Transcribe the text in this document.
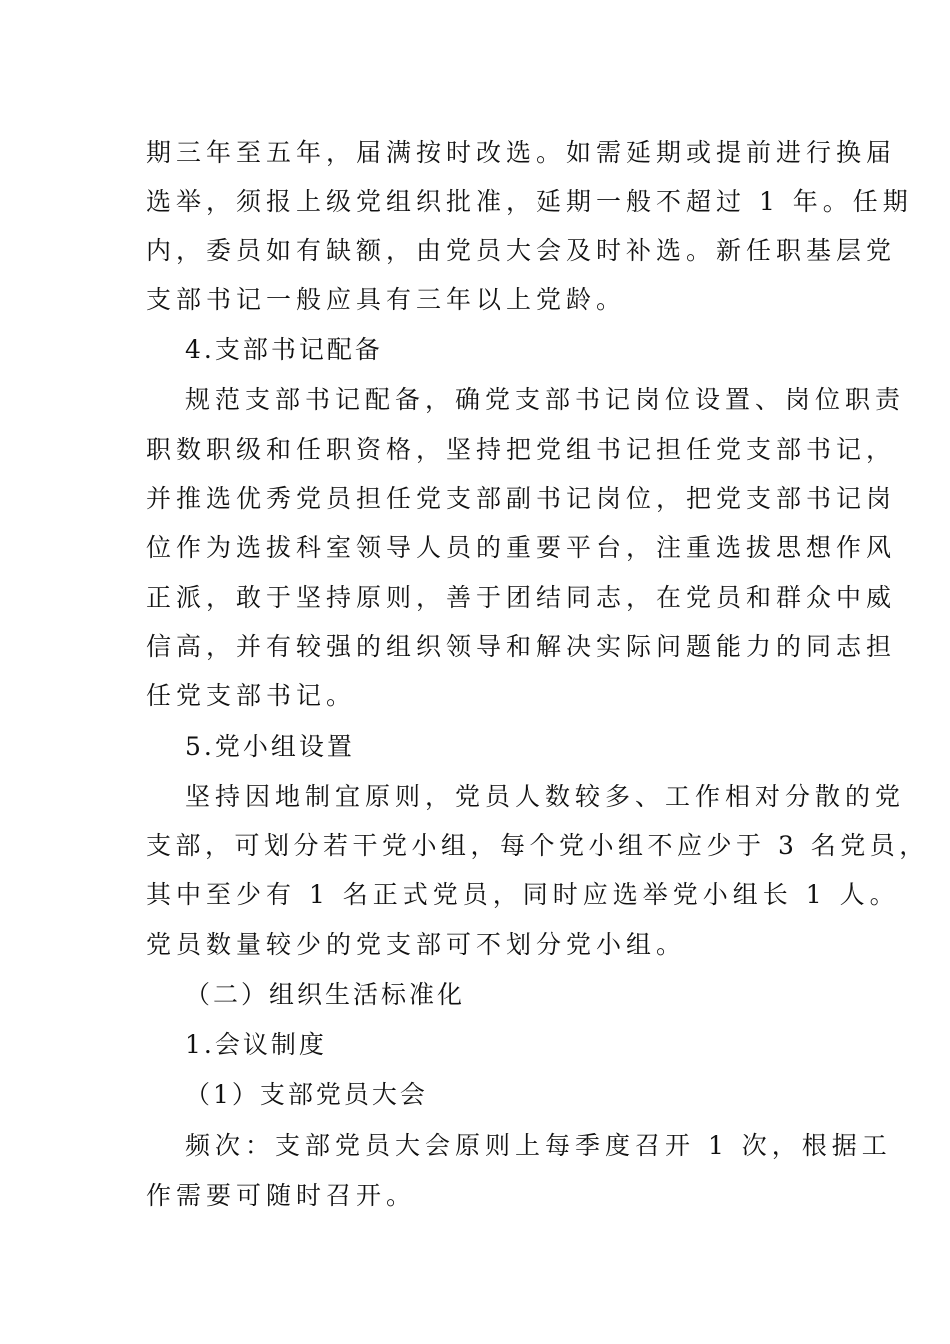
期三年至五年，届满按时改选。如需延期或提前进行换届
选举，须报上级党组织批准，延期一般不超过 1 年。任期
内，委员如有缺额，由党员大会及时补选。新任职基层党
支部书记一般应具有三年以上党龄。
4.支部书记配备
规范支部书记配备，确党支部书记岗位设置、岗位职责
职数职级和任职资格，坚持把党组书记担任党支部书记，
并推选优秀党员担任党支部副书记岗位，把党支部书记岗
位作为选拔科室领导人员的重要平台，注重选拔思想作风
正派，敢于坚持原则，善于团结同志，在党员和群众中威
信高，并有较强的组织领导和解决实际问题能力的同志担
任党支部书记。
5.党小组设置
坚持因地制宜原则，党员人数较多、工作相对分散的党
支部，可划分若干党小组，每个党小组不应少于 3 名党员，
其中至少有 1 名正式党员，同时应选举党小组长 1 人。
党员数量较少的党支部可不划分党小组。
（二）组织生活标准化
1.会议制度
（1）支部党员大会
频次：支部党员大会原则上每季度召开 1 次，根据工
作需要可随时召开。
